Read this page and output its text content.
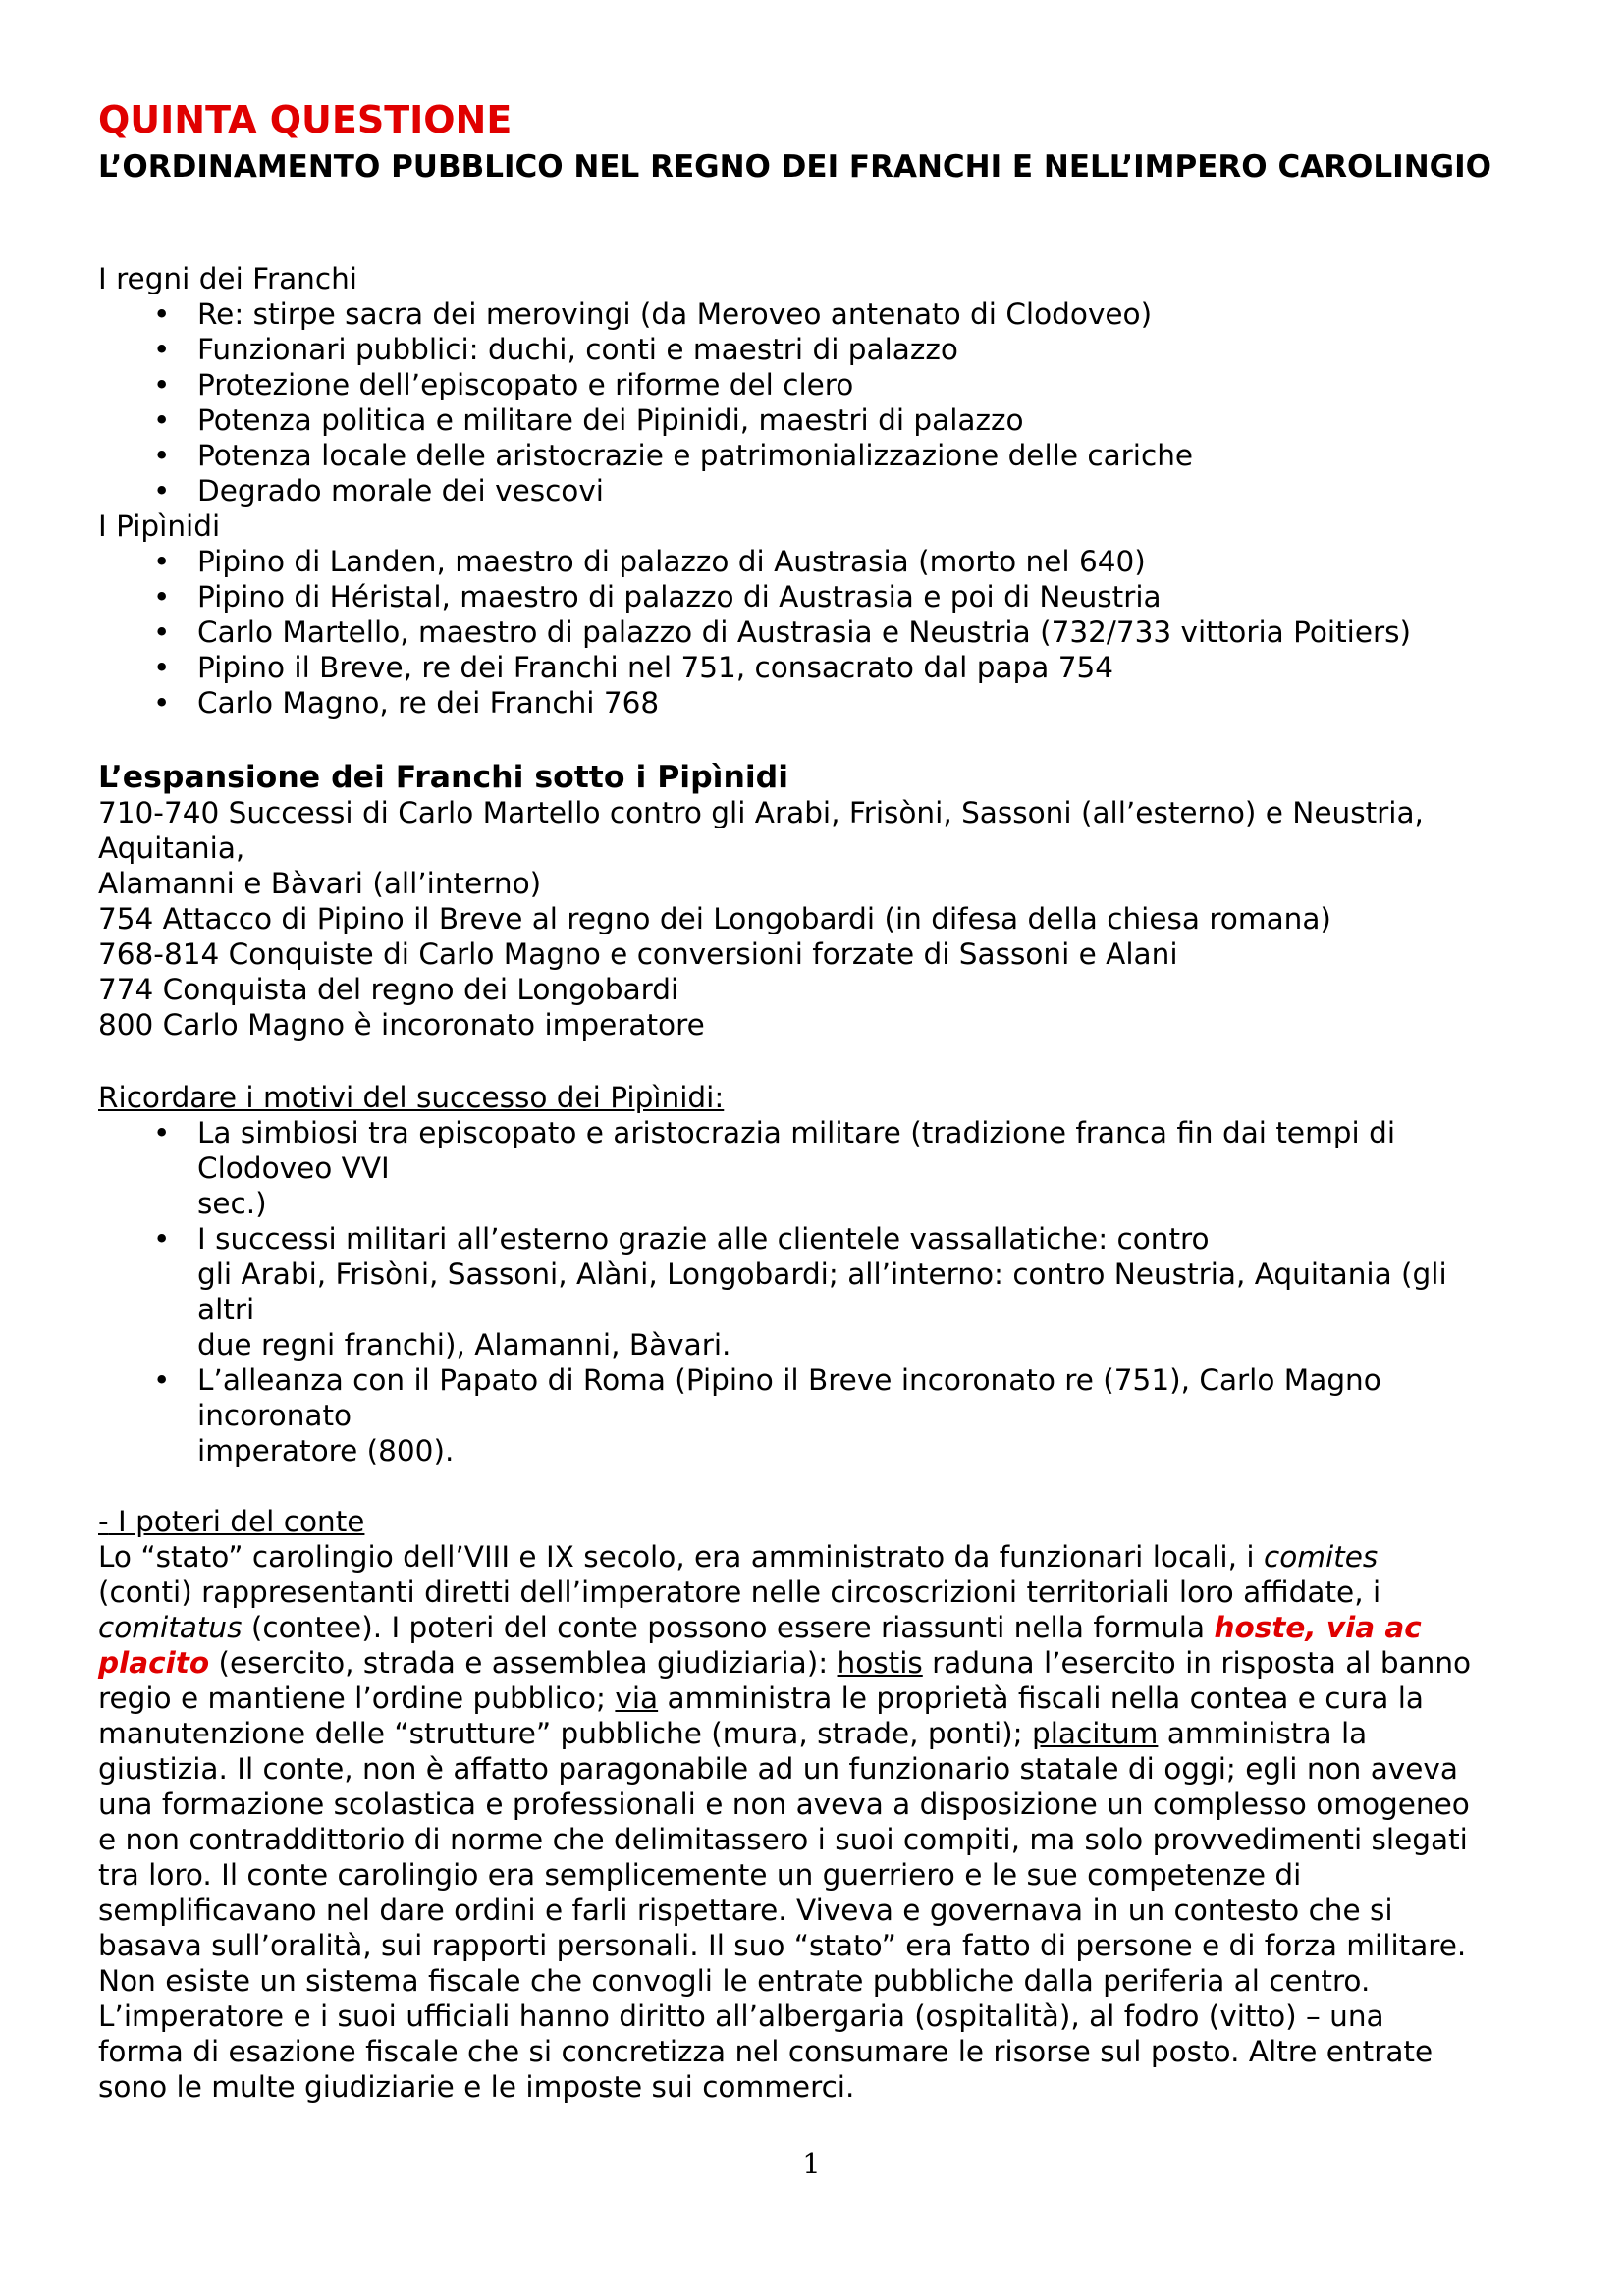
QUINTA QUESTIONE
L’ORDINAMENTO PUBBLICO NEL REGNO DEI FRANCHI E NELL’IMPERO CAROLINGIO
I regni dei Franchi
• Re: stirpe sacra dei merovingi (da Meroveo antenato di Clodoveo)
• Funzionari pubblici: duchi, conti e maestri di palazzo
• Protezione dell’episcopato e riforme del clero
• Potenza politica e militare dei Pipinidi, maestri di palazzo
• Potenza locale delle aristocrazie e patrimonializzazione delle cariche
• Degrado morale dei vescovi
I Pipìnidi
• Pipino di Landen, maestro di palazzo di Austrasia (morto nel 640)
• Pipino di Héristal, maestro di palazzo di Austrasia e poi di Neustria
• Carlo Martello, maestro di palazzo di Austrasia e Neustria (732/733 vittoria Poitiers)
• Pipino il Breve, re dei Franchi nel 751, consacrato dal papa 754
• Carlo Magno, re dei Franchi 768
L’espansione dei Franchi sotto i Pipìnidi
710-740 Successi di Carlo Martello contro gli Arabi, Frisòni, Sassoni (all’esterno) e Neustria,
Aquitania,
Alamanni e Bàvari (all’interno)
754 Attacco di Pipino il Breve al regno dei Longobardi (in difesa della chiesa romana)
768-814 Conquiste di Carlo Magno e conversioni forzate di Sassoni e Alani
774 Conquista del regno dei Longobardi
800 Carlo Magno è incoronato imperatore
Ricordare i motivi del successo dei Pipìnidi:
• La simbiosi tra episcopato e aristocrazia militare (tradizione franca fin dai tempi di
Clodoveo VVI
sec.)
• I successi militari all’esterno grazie alle clientele vassallatiche: contro
gli Arabi, Frisòni, Sassoni, Alàni, Longobardi; all’interno: contro Neustria, Aquitania (gli
altri
due regni franchi), Alamanni, Bàvari.
• L’alleanza con il Papato di Roma (Pipino il Breve incoronato re (751), Carlo Magno
incoronato
imperatore (800).
- I poteri del conte
Lo “stato” carolingio dell’VIII e IX secolo, era amministrato da funzionari locali, i comites
(conti) rappresentanti diretti dell’imperatore nelle circoscrizioni territoriali loro affidate, i
comitatus (contee). I poteri del conte possono essere riassunti nella formula hoste, via ac
placito (esercito, strada e assemblea giudiziaria): hostis raduna l’esercito in risposta al banno
regio e mantiene l’ordine pubblico; via amministra le proprietà fiscali nella contea e cura la
manutenzione delle “strutture” pubbliche (mura, strade, ponti); placitum amministra la
giustizia. Il conte, non è affatto paragonabile ad un funzionario statale di oggi; egli non aveva
una formazione scolastica e professionali e non aveva a disposizione un complesso omogeneo
e non contraddittorio di norme che delimitassero i suoi compiti, ma solo provvedimenti slegati
tra loro. Il conte carolingio era semplicemente un guerriero e le sue competenze di
semplificavano nel dare ordini e farli rispettare. Viveva e governava in un contesto che si
basava sull’oralità, sui rapporti personali. Il suo “stato” era fatto di persone e di forza militare.
Non esiste un sistema fiscale che convogli le entrate pubbliche dalla periferia al centro.
L’imperatore e i suoi ufficiali hanno diritto all’albergaria (ospitalità), al fodro (vitto) – una
forma di esazione fiscale che si concretizza nel consumare le risorse sul posto. Altre entrate
sono le multe giudiziarie e le imposte sui commerci.
1
